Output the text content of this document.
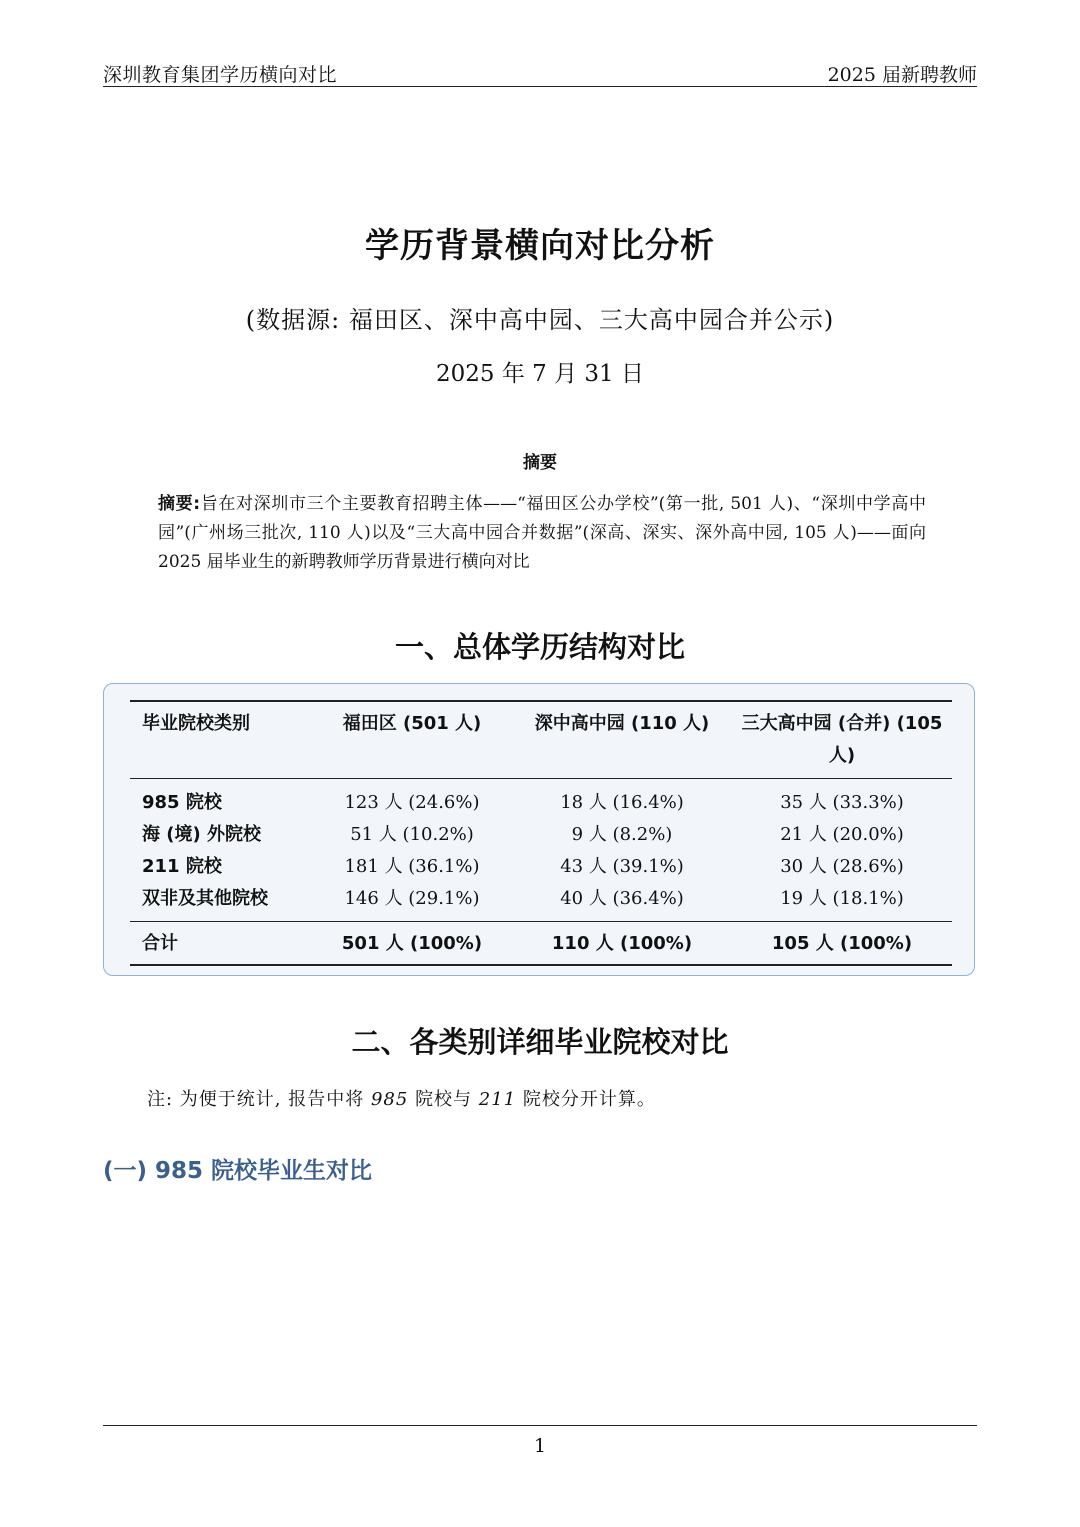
深圳教育集团学历横向对比	2025 届新聘教师
学历背景横向对比分析
(数据源: 福田区、深中高中园、三大高中园合并公示)
2025 年 7 月 31 日
摘要
摘要:旨在对深圳市三个主要教育招聘主体——“福田区公办学校”(第一批, 501 人)、“深圳中学高中园”(广州场三批次, 110 人)以及“三大高中园合并数据”(深高、深实、深外高中园, 105 人)——面向 2025 届毕业生的新聘教师学历背景进行横向对比
一、总体学历结构对比
毕业院校类别	福田区 (501 人)	深中高中园 (110 人)	三大高中园 (合并) (105 人)
985 院校	123 人 (24.6%)	18 人 (16.4%)	35 人 (33.3%)
海 (境) 外院校	51 人 (10.2%)	9 人 (8.2%)	21 人 (20.0%)
211 院校	181 人 (36.1%)	43 人 (39.1%)	30 人 (28.6%)
双非及其他院校	146 人 (29.1%)	40 人 (36.4%)	19 人 (18.1%)
合计	501 人 (100%)	110 人 (100%)	105 人 (100%)
二、各类别详细毕业院校对比
注: 为便于统计, 报告中将 985 院校与 211 院校分开计算。
(一) 985 院校毕业生对比
1
